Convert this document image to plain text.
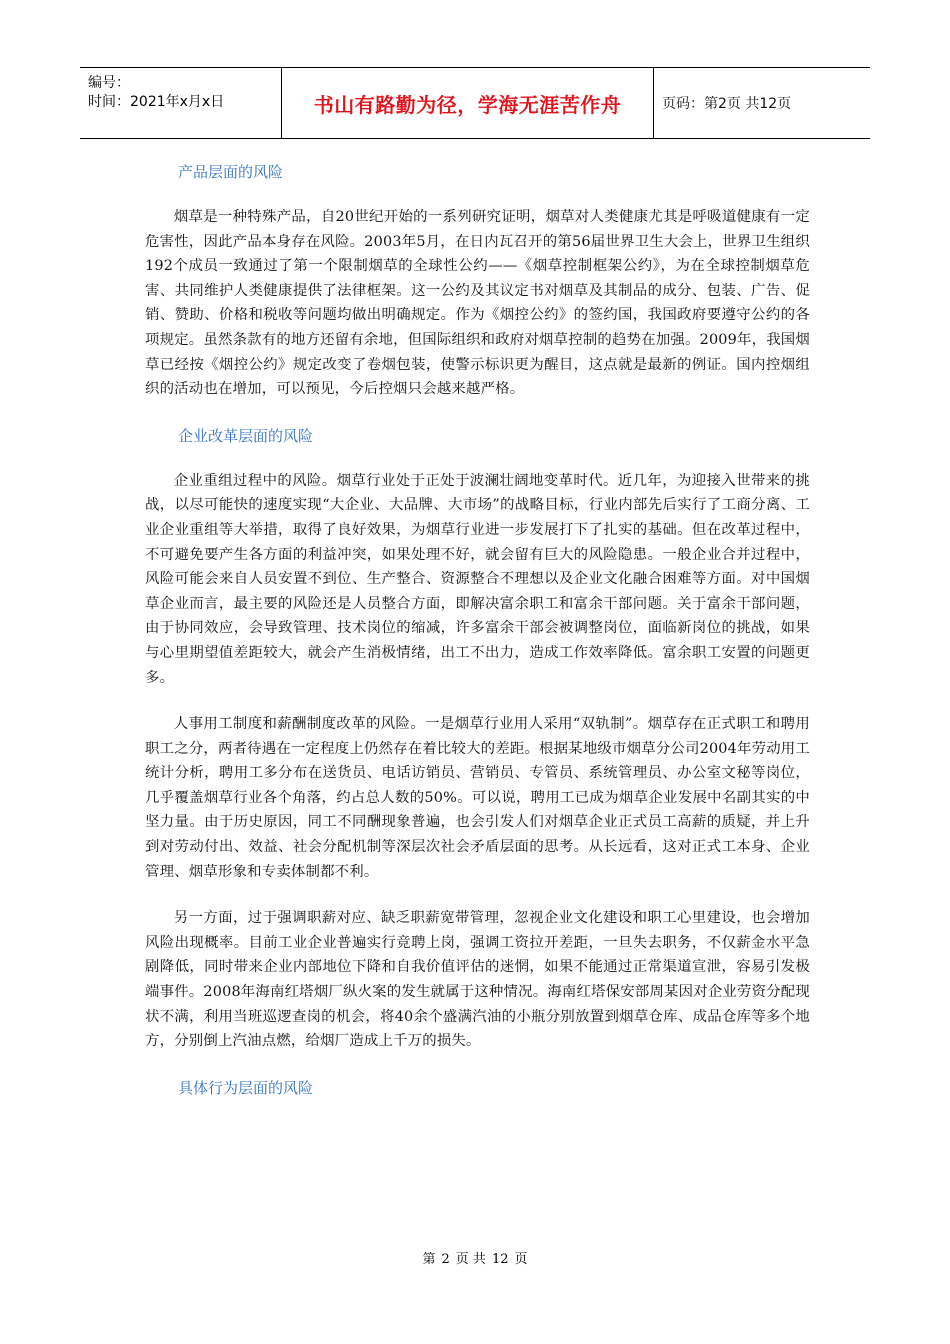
编号：
时间：2021年x月x日	书山有路勤为径，学海无涯苦作舟	页码：第2页 共12页
产品层面的风险

烟草是一种特殊产品，自20世纪开始的一系列研究证明，烟草对人类健康尤其是呼吸道健康有一定危害性，因此产品本身存在风险。2003年5月，在日内瓦召开的第56届世界卫生大会上，世界卫生组织192个成员一致通过了第一个限制烟草的全球性公约——《烟草控制框架公约》，为在全球控制烟草危害、共同维护人类健康提供了法律框架。这一公约及其议定书对烟草及其制品的成分、包装、广告、促销、赞助、价格和税收等问题均做出明确规定。作为《烟控公约》的签约国，我国政府要遵守公约的各项规定。虽然条款有的地方还留有余地，但国际组织和政府对烟草控制的趋势在加强。2009年，我国烟草已经按《烟控公约》规定改变了卷烟包装，使警示标识更为醒目，这点就是最新的例证。国内控烟组织的活动也在增加，可以预见，今后控烟只会越来越严格。

企业改革层面的风险

企业重组过程中的风险。烟草行业处于正处于波澜壮阔地变革时代。近几年，为迎接入世带来的挑战，以尽可能快的速度实现“大企业、大品牌、大市场”的战略目标，行业内部先后实行了工商分离、工业企业重组等大举措，取得了良好效果，为烟草行业进一步发展打下了扎实的基础。但在改革过程中，不可避免要产生各方面的利益冲突，如果处理不好，就会留有巨大的风险隐患。一般企业合并过程中，风险可能会来自人员安置不到位、生产整合、资源整合不理想以及企业文化融合困难等方面。对中国烟草企业而言，最主要的风险还是人员整合方面，即解决富余职工和富余干部问题。关于富余干部问题，由于协同效应，会导致管理、技术岗位的缩减，许多富余干部会被调整岗位，面临新岗位的挑战，如果与心里期望值差距较大，就会产生消极情绪，出工不出力，造成工作效率降低。富余职工安置的问题更多。

人事用工制度和薪酬制度改革的风险。一是烟草行业用人采用“双轨制”。烟草存在正式职工和聘用职工之分，两者待遇在一定程度上仍然存在着比较大的差距。根据某地级市烟草分公司2004年劳动用工统计分析，聘用工多分布在送货员、电话访销员、营销员、专管员、系统管理员、办公室文秘等岗位，几乎覆盖烟草行业各个角落，约占总人数的50%。可以说，聘用工已成为烟草企业发展中名副其实的中坚力量。由于历史原因，同工不同酬现象普遍，也会引发人们对烟草企业正式员工高薪的质疑，并上升到对劳动付出、效益、社会分配机制等深层次社会矛盾层面的思考。从长远看，这对正式工本身、企业管理、烟草形象和专卖体制都不利。

另一方面，过于强调职薪对应、缺乏职薪宽带管理，忽视企业文化建设和职工心里建设，也会增加风险出现概率。目前工业企业普遍实行竞聘上岗，强调工资拉开差距，一旦失去职务，不仅薪金水平急剧降低，同时带来企业内部地位下降和自我价值评估的迷惘，如果不能通过正常渠道宣泄，容易引发极端事件。2008年海南红塔烟厂纵火案的发生就属于这种情况。海南红塔保安部周某因对企业劳资分配现状不满，利用当班巡逻查岗的机会，将40余个盛满汽油的小瓶分别放置到烟草仓库、成品仓库等多个地方，分别倒上汽油点燃，给烟厂造成上千万的损失。

具体行为层面的风险
第 2 页 共 12 页
